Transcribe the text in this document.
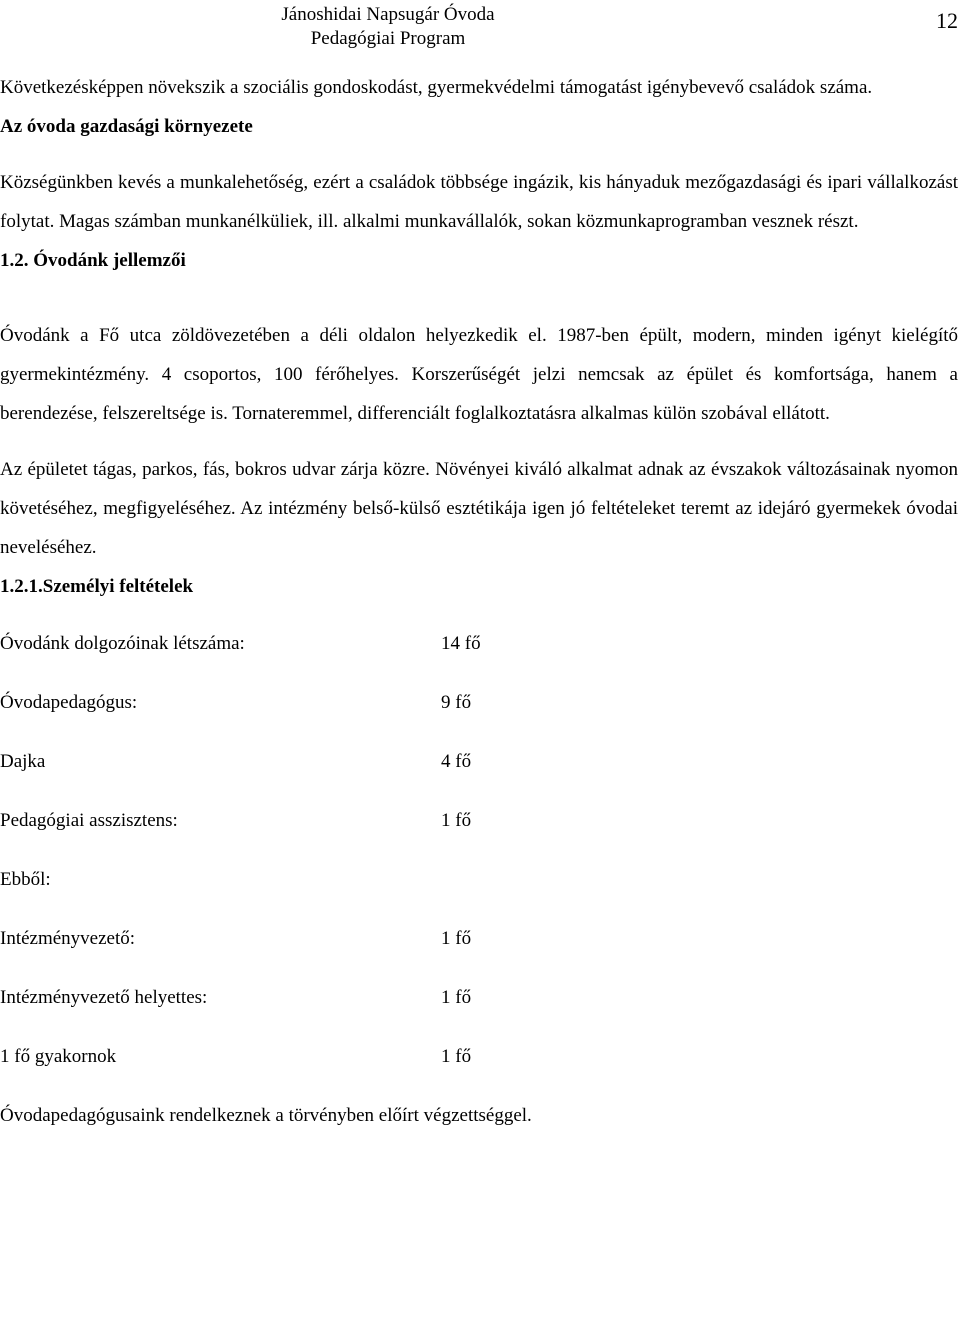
Jánoshidai Napsugár Óvoda
Pedagógiai Program
12

Következésképpen növekszik a szociális gondoskodást, gyermekvédelmi támogatást igénybevevő családok száma.

Az óvoda gazdasági környezete

Községünkben kevés a munkalehetőség, ezért a családok többsége ingázik, kis hányaduk mezőgazdasági és ipari vállalkozást folytat. Magas számban munkanélküliek, ill. alkalmi munkavállalók, sokan közmunkaprogramban vesznek részt.

1.2. Óvodánk jellemzői

Óvodánk a Fő utca zöldövezetében a déli oldalon helyezkedik el. 1987-ben épült, modern, minden igényt kielégítő gyermekintézmény. 4 csoportos, 100 férőhelyes. Korszerűségét jelzi nemcsak az épület és komfortsága, hanem a berendezése, felszereltsége is. Tornateremmel, differenciált foglalkoztatásra alkalmas külön szobával ellátott.

Az épületet tágas, parkos, fás, bokros udvar zárja közre. Növényei kiváló alkalmat adnak az évszakok változásainak nyomon követéséhez, megfigyeléséhez. Az intézmény belső-külső esztétikája igen jó feltételeket teremt az idejáró gyermekek óvodai neveléséhez.

1.2.1.Személyi feltételek

Óvodánk dolgozóinak létszáma:	14 fő
Óvodapedagógus:	9 fő
Dajka	4 fő
Pedagógiai asszisztens:	1 fő
Ebből:
Intézményvezető:	1 fő
Intézményvezető helyettes:	1 fő
1 fő gyakornok	1 fő
Óvodapedagógusaink rendelkeznek a törvényben előírt végzettséggel.
